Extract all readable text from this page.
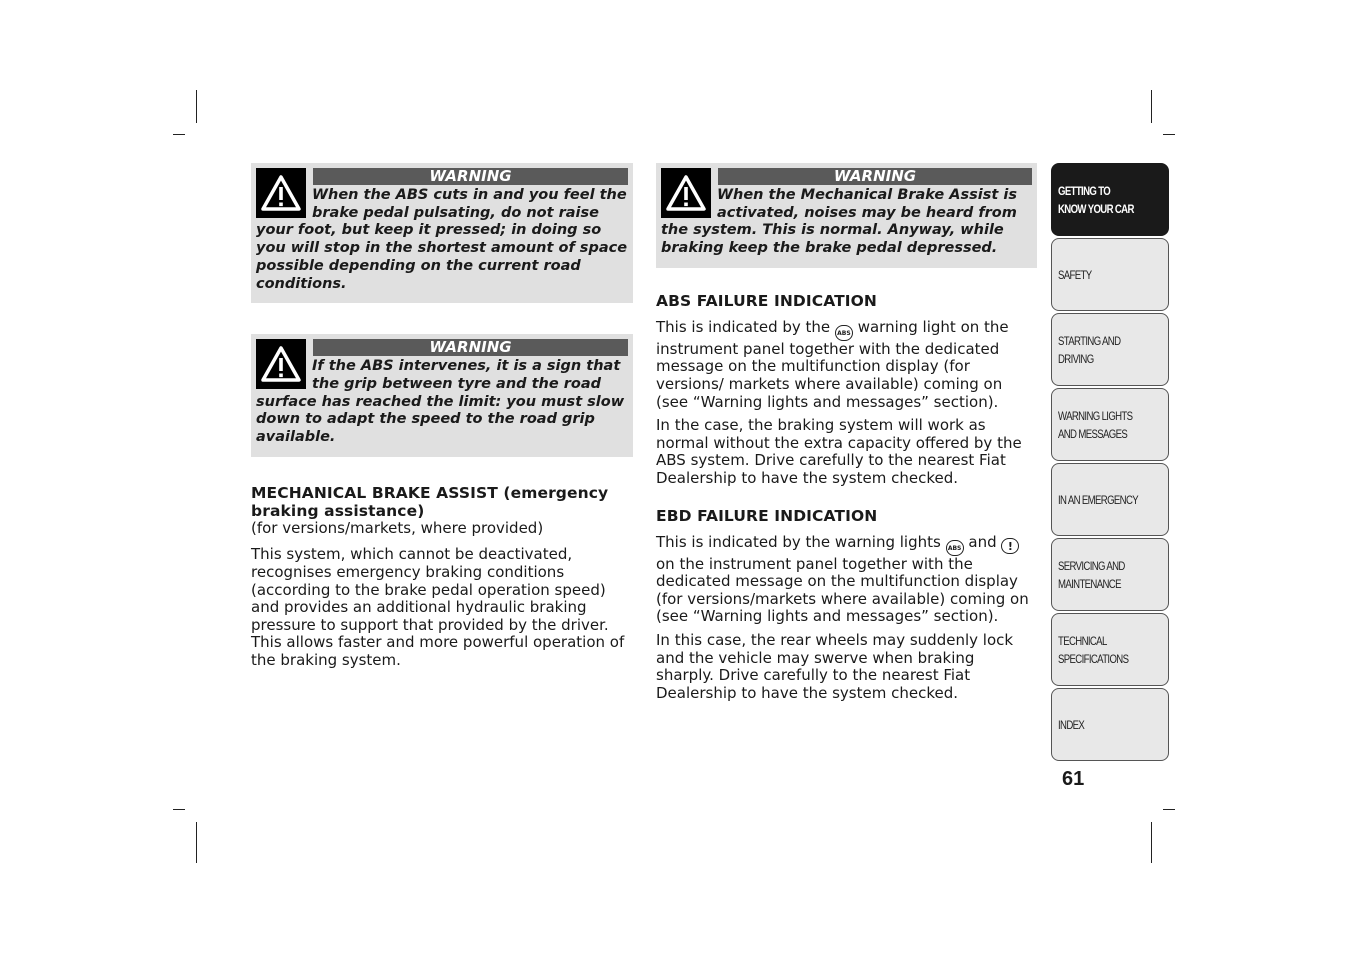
WARNING

When the ABS cuts in and you feel the brake pedal pulsating, do not raise your foot, but keep it pressed; in doing so you will stop in the shortest amount of space possible depending on the current road conditions.

WARNING

If the ABS intervenes, it is a sign that the grip between tyre and the road surface has reached the limit: you must slow down to adapt the speed to the road grip available.

MECHANICAL BRAKE ASSIST (emergency braking assistance)

(for versions/markets, where provided)

This system, which cannot be deactivated, recognises emergency braking conditions (according to the brake pedal operation speed) and provides an additional hydraulic braking pressure to support that provided by the driver. This allows faster and more powerful operation of the braking system.

WARNING

When the Mechanical Brake Assist is activated, noises may be heard from the system. This is normal. Anyway, while braking keep the brake pedal depressed.

ABS FAILURE INDICATION

This is indicated by the ABS warning light on the instrument panel together with the dedicated message on the multifunction display (for versions/ markets where available) coming on (see “Warning lights and messages” section).

In the case, the braking system will work as normal without the extra capacity offered by the ABS system. Drive carefully to the nearest Fiat Dealership to have the system checked.

EBD FAILURE INDICATION

This is indicated by the warning lights ABS and ! on the instrument panel together with the dedicated message on the multifunction display (for versions/markets where available) coming on (see “Warning lights and messages” section).

In this case, the rear wheels may suddenly lock and the vehicle may swerve when braking sharply. Drive carefully to the nearest Fiat Dealership to have the system checked.

GETTING TO
KNOW YOUR CAR
SAFETY
STARTING AND
DRIVING
WARNING LIGHTS
AND MESSAGES
IN AN EMERGENCY
SERVICING AND
MAINTENANCE
TECHNICAL
SPECIFICATIONS
INDEX
61
